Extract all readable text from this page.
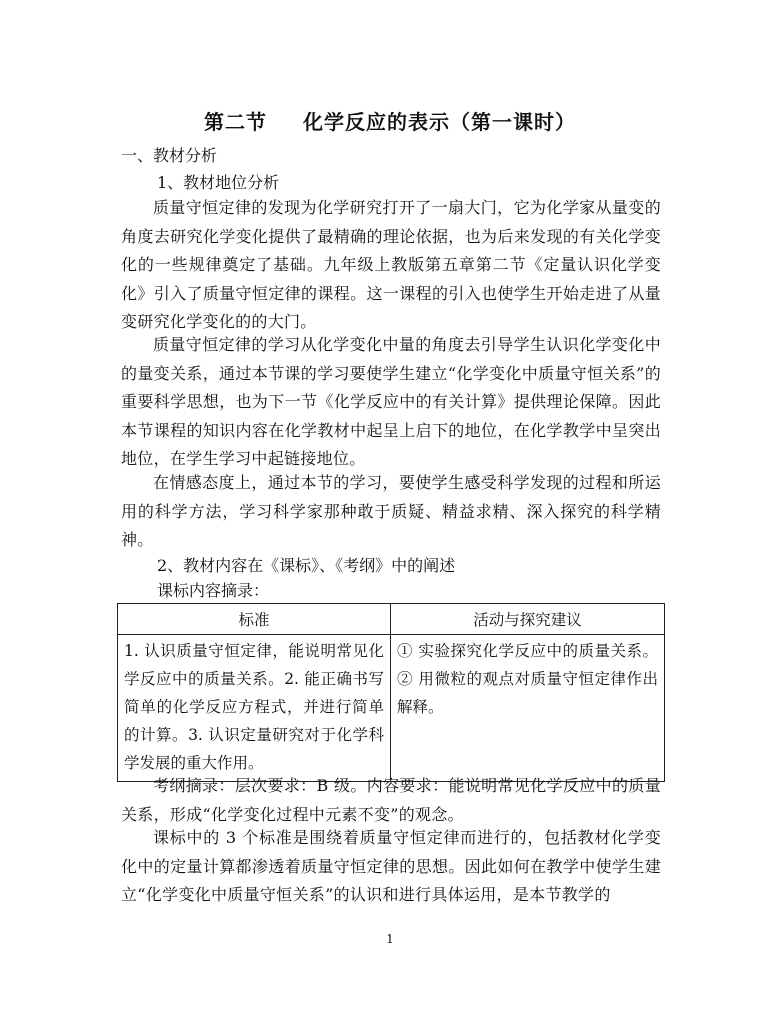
第二节 化学反应的表示（第一课时）
一、教材分析
1、教材地位分析
质量守恒定律的发现为化学研究打开了一扇大门，它为化学家从量变的角度去研究化学变化提供了最精确的理论依据，也为后来发现的有关化学变化的一些规律奠定了基础。九年级上教版第五章第二节《定量认识化学变化》引入了质量守恒定律的课程。这一课程的引入也使学生开始走进了从量变研究化学变化的的大门。
质量守恒定律的学习从化学变化中量的角度去引导学生认识化学变化中的量变关系，通过本节课的学习要使学生建立“化学变化中质量守恒关系”的重要科学思想，也为下一节《化学反应中的有关计算》提供理论保障。因此本节课程的知识内容在化学教材中起呈上启下的地位，在化学教学中呈突出地位，在学生学习中起链接地位。
在情感态度上，通过本节的学习，要使学生感受科学发现的过程和所运用的科学方法，学习科学家那种敢于质疑、精益求精、深入探究的科学精神。
2、教材内容在《课标》、《考纲》中的阐述
课标内容摘录：
标准	活动与探究建议
1. 认识质量守恒定律，能说明常见化学反应中的质量关系。2. 能正确书写简单的化学反应方程式，并进行简单的计算。3. 认识定量研究对于化学科学发展的重大作用。	① 实验探究化学反应中的质量关系。② 用微粒的观点对质量守恒定律作出解释。
考纲摘录：层次要求：B 级。内容要求：能说明常见化学反应中的质量关系，形成“化学变化过程中元素不变”的观念。
课标中的 3 个标准是围绕着质量守恒定律而进行的，包括教材化学变化中的定量计算都渗透着质量守恒定律的思想。因此如何在教学中使学生建立“化学变化中质量守恒关系”的认识和进行具体运用，是本节教学的
1
